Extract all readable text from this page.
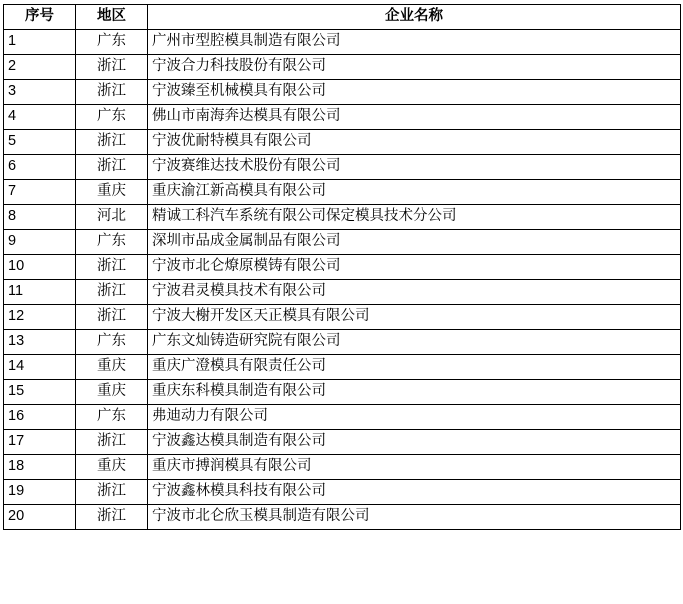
序号	地区	企业名称
1	广东	广州市型腔模具制造有限公司
2	浙江	宁波合力科技股份有限公司
3	浙江	宁波臻至机械模具有限公司
4	广东	佛山市南海奔达模具有限公司
5	浙江	宁波优耐特模具有限公司
6	浙江	宁波赛维达技术股份有限公司
7	重庆	重庆渝江新高模具有限公司
8	河北	精诚工科汽车系统有限公司保定模具技术分公司
9	广东	深圳市品成金属制品有限公司
10	浙江	宁波市北仑燎原模铸有限公司
11	浙江	宁波君灵模具技术有限公司
12	浙江	宁波大榭开发区天正模具有限公司
13	广东	广东文灿铸造研究院有限公司
14	重庆	重庆广澄模具有限责任公司
15	重庆	重庆东科模具制造有限公司
16	广东	弗迪动力有限公司
17	浙江	宁波鑫达模具制造有限公司
18	重庆	重庆市搏润模具有限公司
19	浙江	宁波鑫林模具科技有限公司
20	浙江	宁波市北仑欣玉模具制造有限公司
